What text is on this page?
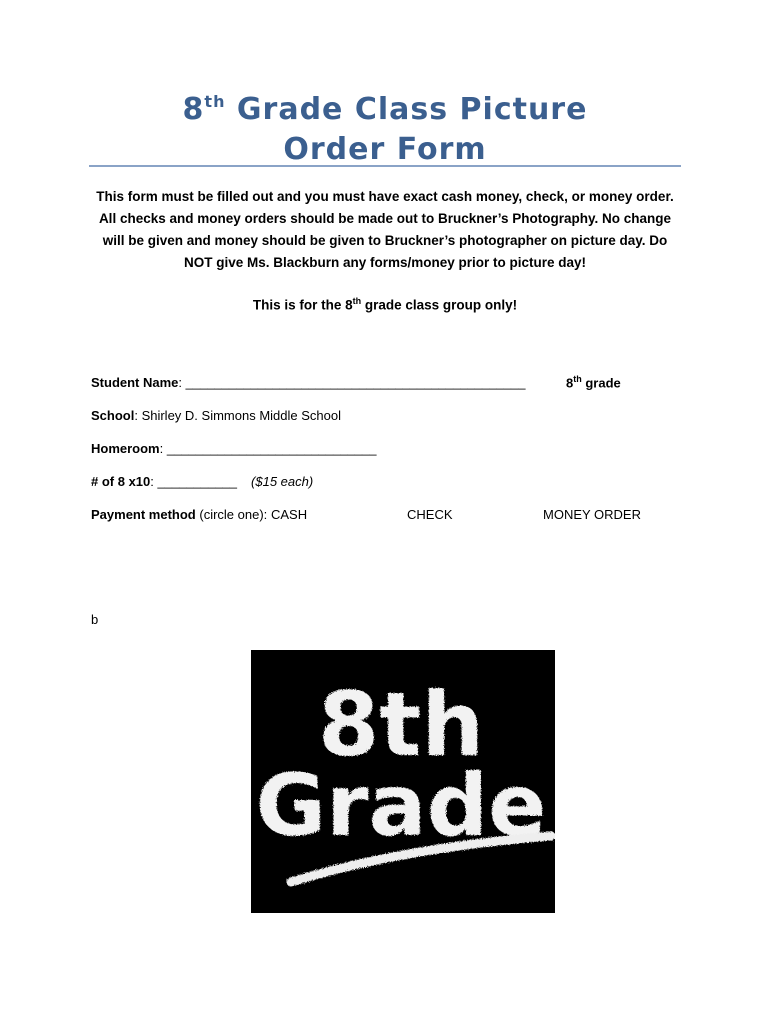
8th Grade Class Picture
Order Form
This form must be filled out and you must have exact cash money, check, or money order. All checks and money orders should be made out to Bruckner’s Photography. No change will be given and money should be given to Bruckner’s photographer on picture day. Do NOT give Ms. Blackburn any forms/money prior to picture day!
This is for the 8th grade class group only!
Student Name: _______________________________________________	8th grade
School: Shirley D. Simmons Middle School
Homeroom: _____________________________
# of 8 x10: ___________ ($15 each)
Payment method (circle one): CASH	CHECK	MONEY ORDER
b
8th
Grade
